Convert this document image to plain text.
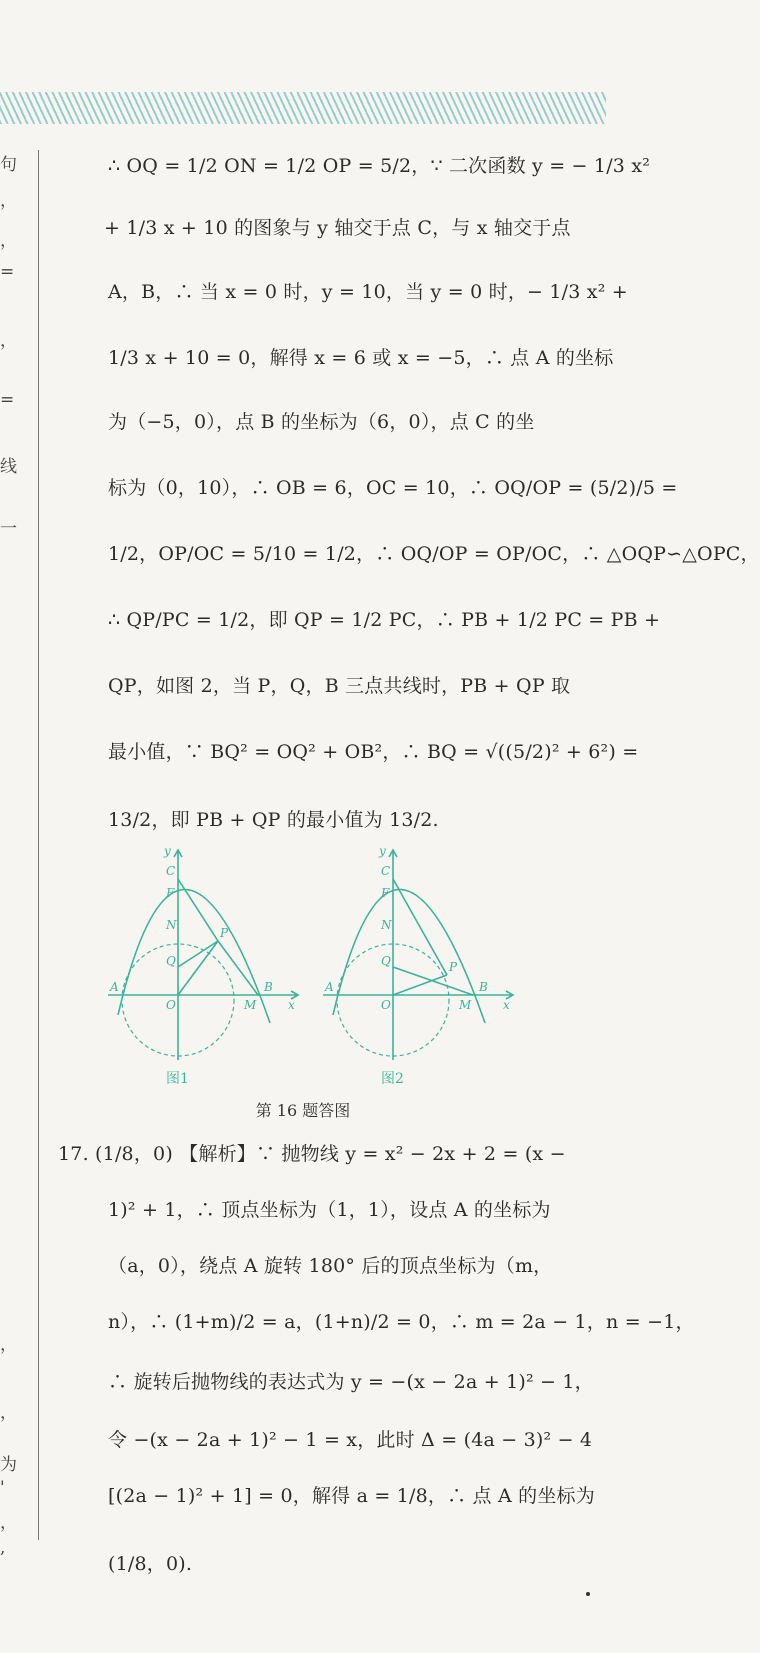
句
，
，
=
，
=
线
一
，
，
为
'
，
,
∴ OQ = 1/2 ON = 1/2 OP = 5/2，∵ 二次函数 y = − 1/3 x²
+ 1/3 x + 10 的图象与 y 轴交于点 C，与 x 轴交于点
A，B，∴ 当 x = 0 时，y = 10，当 y = 0 时，− 1/3 x² +
1/3 x + 10 = 0，解得 x = 6 或 x = −5，∴ 点 A 的坐标
为（−5，0），点 B 的坐标为（6，0），点 C 的坐
标为（0，10），∴ OB = 6，OC = 10，∴ OQ/OP = (5/2)/5 =
1/2，OP/OC = 5/10 = 1/2，∴ OQ/OP = OP/OC，∴ △OQP∽△OPC，
∴ QP/PC = 1/2，即 QP = 1/2 PC，∴ PB + 1/2 PC = PB +
QP，如图 2，当 P，Q，B 三点共线时，PB + QP 取
最小值，∵ BQ² = OQ² + OB²，∴ BQ = √((5/2)² + 6²) =
13/2，即 PB + QP 的最小值为 13/2.
y
C
F
N
P
Q
A
O	M
B
x
图1
y
C
F
N
P
Q
A
O	M
B
x
图2
第 16 题答图
17. (1/8，0) 【解析】∵ 抛物线 y = x² − 2x + 2 = (x −
1)² + 1，∴ 顶点坐标为（1，1），设点 A 的坐标为
（a，0），绕点 A 旋转 180° 后的顶点坐标为（m，
n），∴ (1+m)/2 = a，(1+n)/2 = 0，∴ m = 2a − 1，n = −1，
∴ 旋转后抛物线的表达式为 y = −(x − 2a + 1)² − 1，
令 −(x − 2a + 1)² − 1 = x，此时 Δ = (4a − 3)² − 4
[(2a − 1)² + 1] = 0，解得 a = 1/8，∴ 点 A 的坐标为
(1/8，0).
